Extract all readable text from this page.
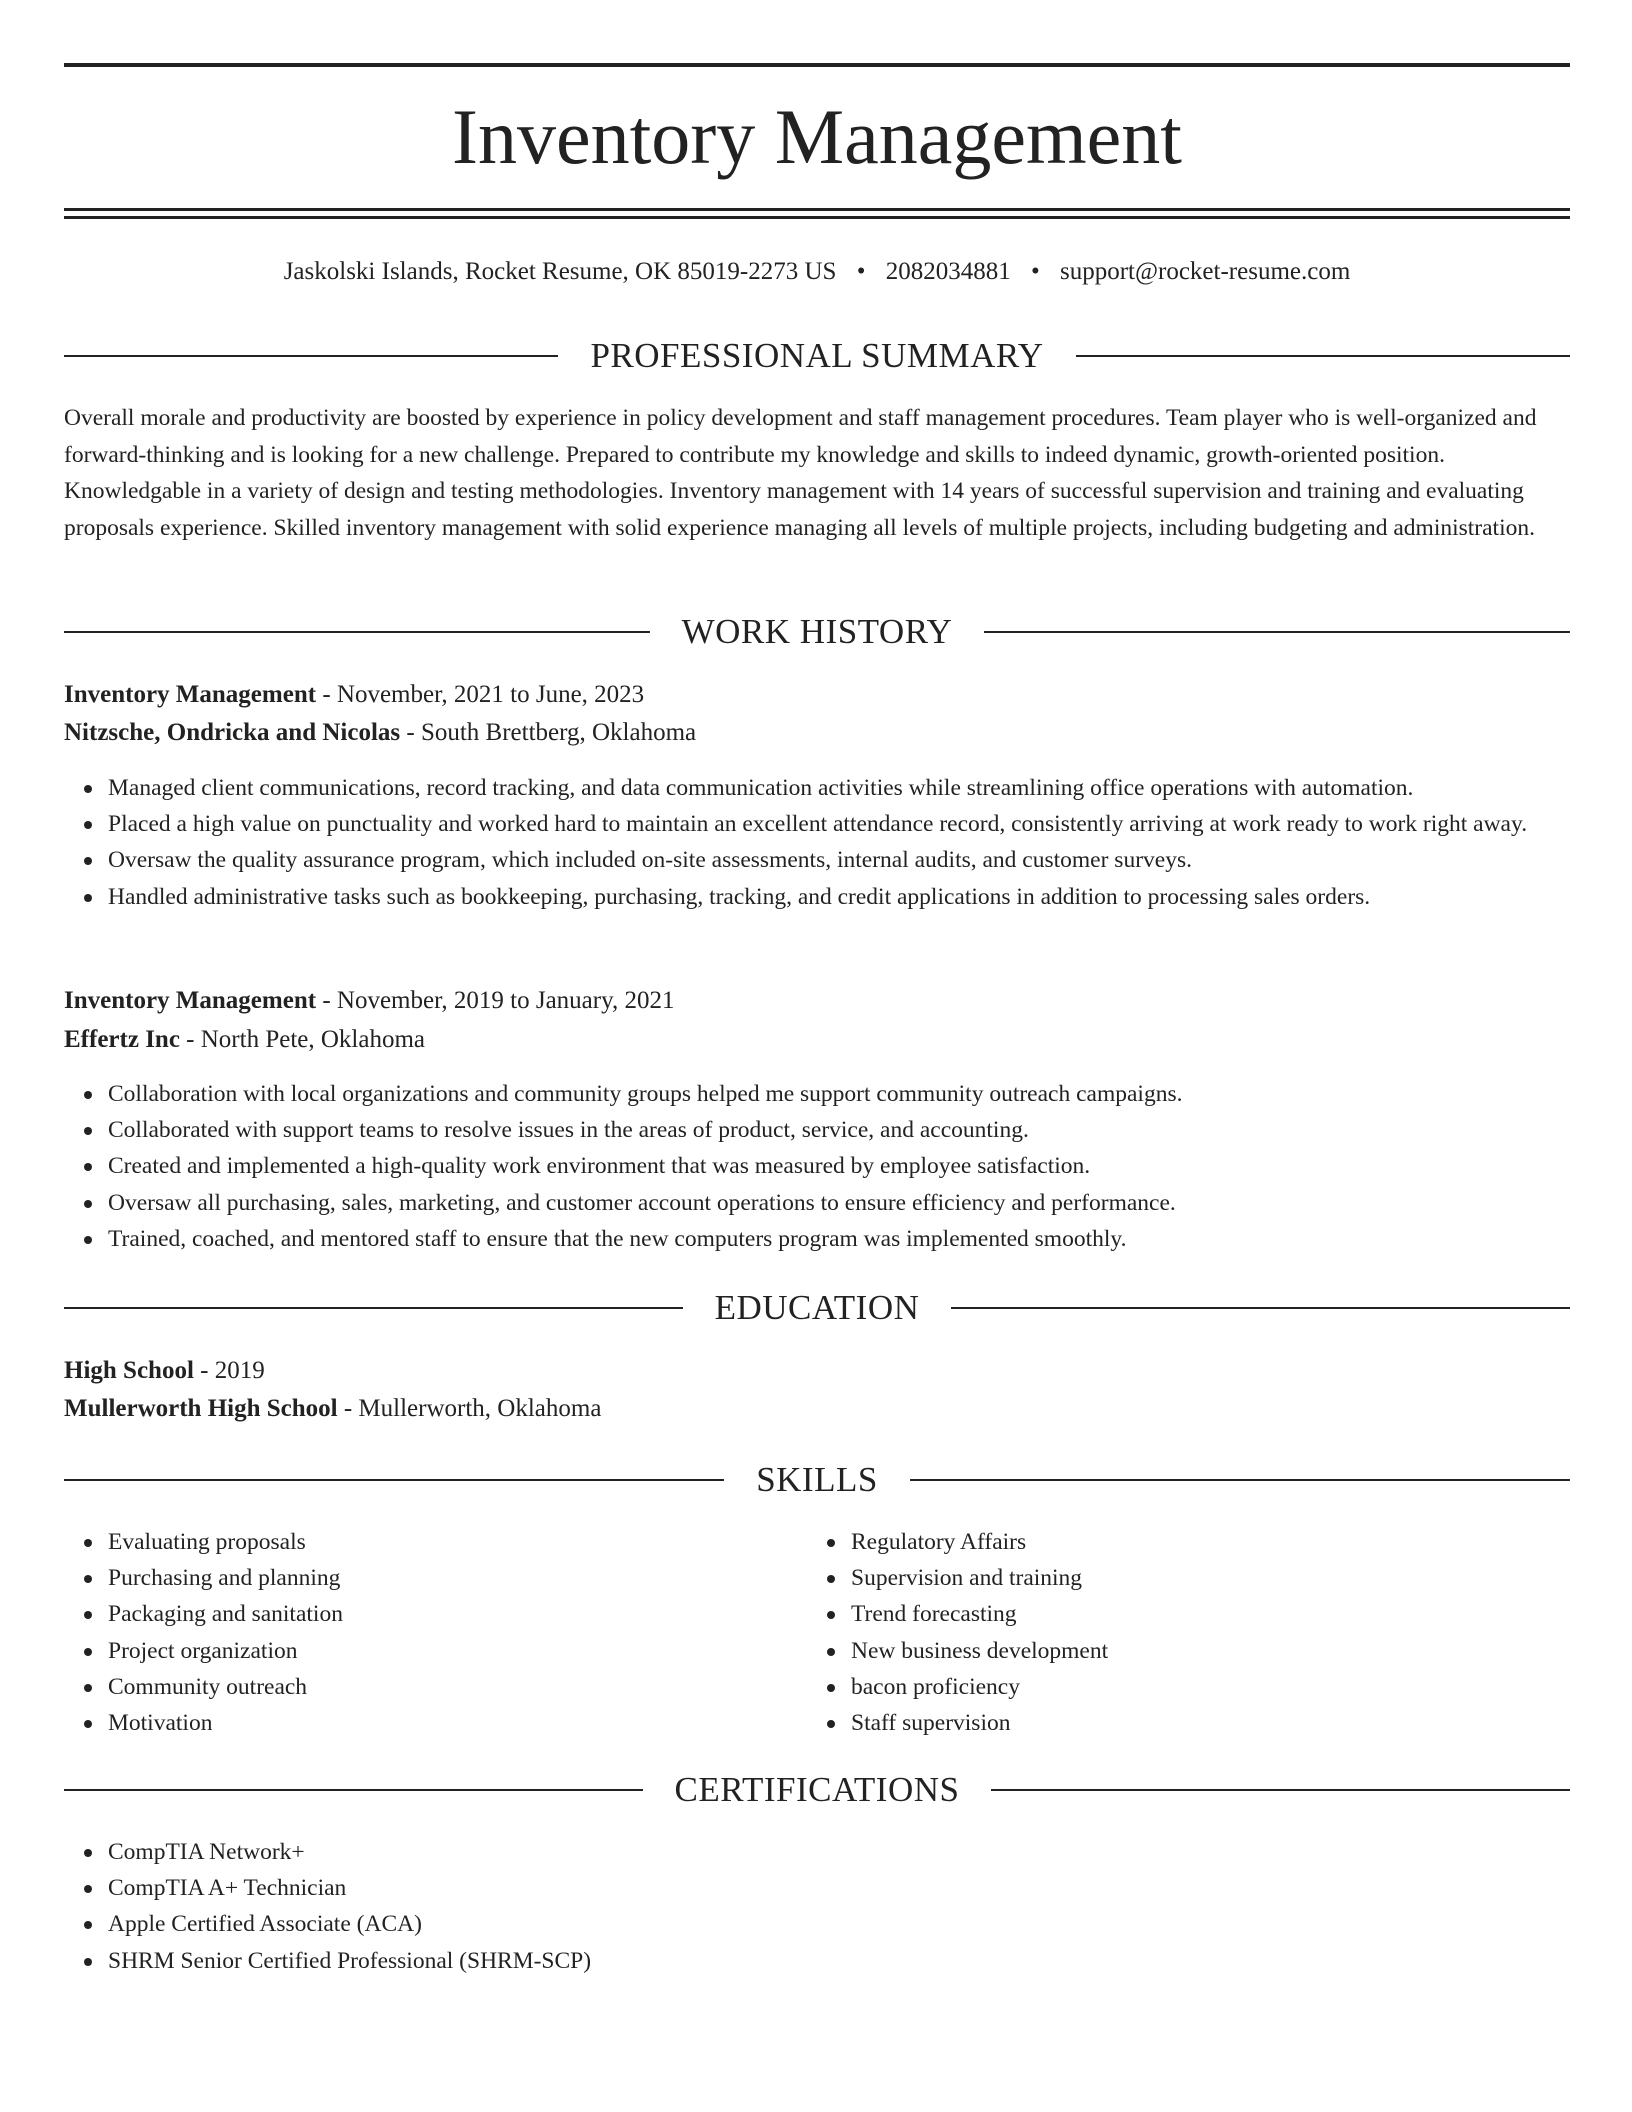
Inventory Management
Jaskolski Islands, Rocket Resume, OK 85019-2273 US • 2082034881 • support@rocket-resume.com
PROFESSIONAL SUMMARY
Overall morale and productivity are boosted by experience in policy development and staff management procedures. Team player who is well-organized and forward-thinking and is looking for a new challenge. Prepared to contribute my knowledge and skills to indeed dynamic, growth-oriented position. Knowledgable in a variety of design and testing methodologies. Inventory management with 14 years of successful supervision and training and evaluating proposals experience. Skilled inventory management with solid experience managing all levels of multiple projects, including budgeting and administration.
WORK HISTORY
Inventory Management - November, 2021 to June, 2023
Nitzsche, Ondricka and Nicolas - South Brettberg, Oklahoma
Managed client communications, record tracking, and data communication activities while streamlining office operations with automation.
Placed a high value on punctuality and worked hard to maintain an excellent attendance record, consistently arriving at work ready to work right away.
Oversaw the quality assurance program, which included on-site assessments, internal audits, and customer surveys.
Handled administrative tasks such as bookkeeping, purchasing, tracking, and credit applications in addition to processing sales orders.
Inventory Management - November, 2019 to January, 2021
Effertz Inc - North Pete, Oklahoma
Collaboration with local organizations and community groups helped me support community outreach campaigns.
Collaborated with support teams to resolve issues in the areas of product, service, and accounting.
Created and implemented a high-quality work environment that was measured by employee satisfaction.
Oversaw all purchasing, sales, marketing, and customer account operations to ensure efficiency and performance.
Trained, coached, and mentored staff to ensure that the new computers program was implemented smoothly.
EDUCATION
High School - 2019
Mullerworth High School - Mullerworth, Oklahoma
SKILLS
Evaluating proposals
Purchasing and planning
Packaging and sanitation
Project organization
Community outreach
Motivation
Regulatory Affairs
Supervision and training
Trend forecasting
New business development
bacon proficiency
Staff supervision
CERTIFICATIONS
CompTIA Network+
CompTIA A+ Technician
Apple Certified Associate (ACA)
SHRM Senior Certified Professional (SHRM-SCP)
